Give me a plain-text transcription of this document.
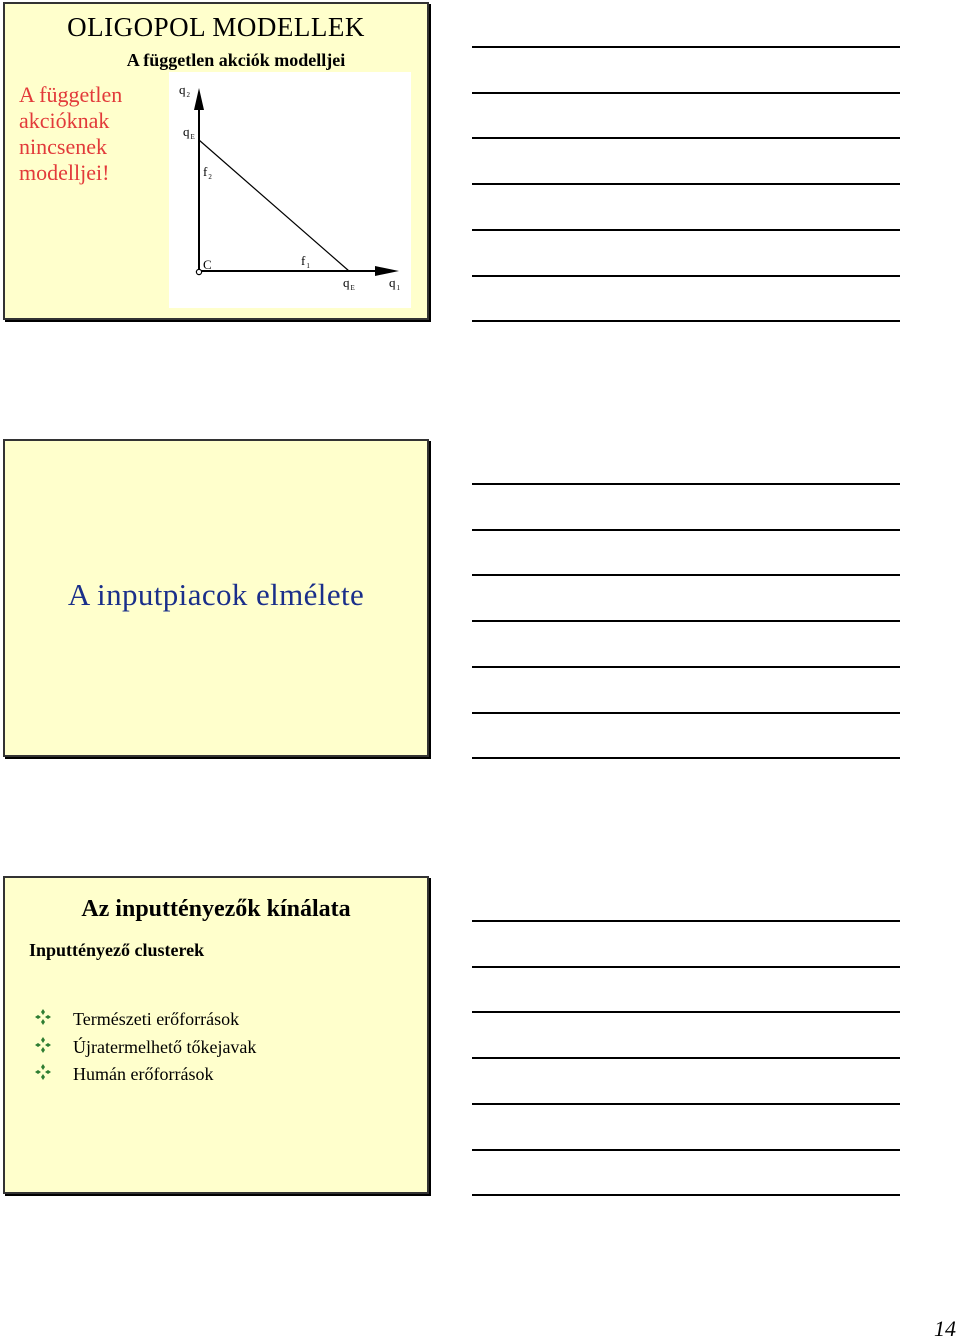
OLIGOPOL MODELLEK
A független akciók modelljei
A független akcióknak nincsenek modelljei!
$q_2$
$q_E$
$f_2$
C	$f_1$
$q_E$	$q_1$
A inputpiacok elmélete
Az inputtényezők kínálata
Inputtényező clusterek
Természeti erőforrások
Újratermelhető tőkejavak
Humán erőforrások
14
